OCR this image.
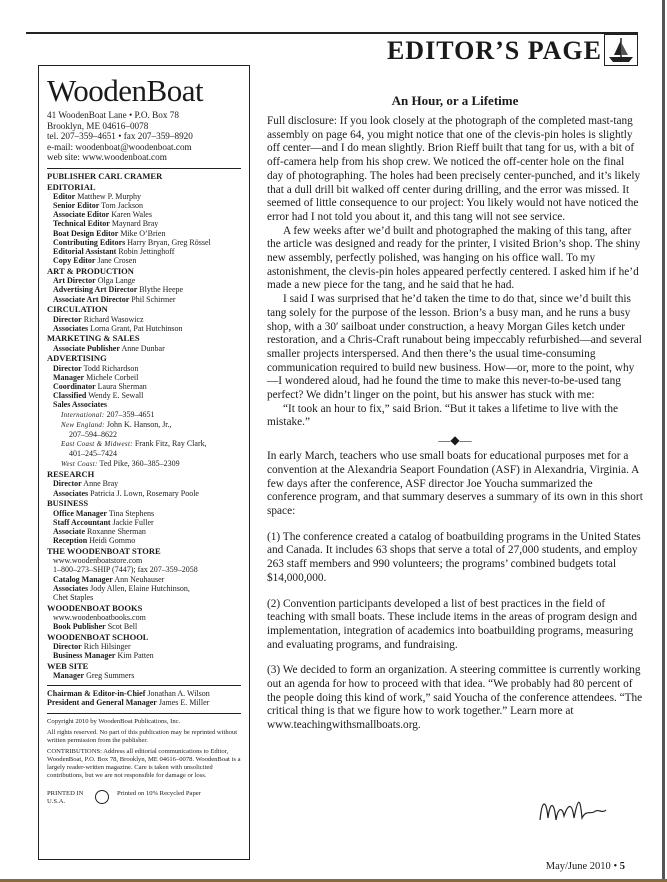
EDITOR’S PAGE
WoodenBoat
41 WoodenBoat Lane • P.O. Box 78
Brooklyn, ME 04616–0078
tel. 207–359–4651 • fax 207–359–8920
e-mail: woodenboat@woodenboat.com
web site: www.woodenboat.com
PUBLISHER CARL CRAMER
EDITORIAL
Editor Matthew P. Murphy
Senior Editor Tom Jackson
Associate Editor Karen Wales
Technical Editor Maynard Bray
Boat Design Editor Mike O’Brien
Contributing Editors Harry Bryan, Greg Rössel
Editorial Assistant Robin Jettinghoff
Copy Editor Jane Crosen
ART & PRODUCTION
Art Director Olga Lange
Advertising Art Director Blythe Heepe
Associate Art Director Phil Schirmer
CIRCULATION
Director Richard Wasowicz
Associates Lorna Grant, Pat Hutchinson
MARKETING & SALES
Associate Publisher Anne Dunbar
ADVERTISING
Director Todd Richardson
Manager Michele Corbeil
Coordinator Laura Sherman
Classified Wendy E. Sewall
Sales Associates
International: 207–359–4651
New England: John K. Hanson, Jr.,
207–594–8622
East Coast & Midwest: Frank Fitz, Ray Clark,
401–245–7424
West Coast: Ted Pike, 360–385–2309
RESEARCH
Director Anne Bray
Associates Patricia J. Lown, Rosemary Poole
BUSINESS
Office Manager Tina Stephens
Staff Accountant Jackie Fuller
Associate Roxanne Sherman
Reception Heidi Gommo
THE WOODENBOAT STORE
www.woodenboatstore.com
1–800–273–SHIP (7447); fax 207–359–2058
Catalog Manager Ann Neuhauser
Associates Jody Allen, Elaine Hutchinson,
Chet Staples
WOODENBOAT BOOKS
www.woodenboatbooks.com
Book Publisher Scot Bell
WOODENBOAT SCHOOL
Director Rich Hilsinger
Business Manager Kim Patten
WEB SITE
Manager Greg Summers
Chairman & Editor-in-Chief Jonathan A. Wilson
President and General Manager James E. Miller
Copyright 2010 by WoodenBoat Publications, Inc.
All rights reserved. No part of this publication may be reprinted without written permission from the publisher.
CONTRIBUTIONS: Address all editorial communications to Editor, WoodenBoat, P.O. Box 78, Brooklyn, ME 04616–0078. WoodenBoat is a largely reader-written magazine. Care is taken with unsolicited contributions, but we are not responsible for damage or loss.
PRINTED IN U.S.A.
Printed on 10% Recycled Paper
An Hour, or a Lifetime

Full disclosure: If you look closely at the photograph of the completed mast-tang assembly on page 64, you might notice that one of the clevis-pin holes is slightly off center—and I do mean slightly. Brion Rieff built that tang for us, with a bit of off-camera help from his shop crew. We noticed the off-center hole on the final day of photographing. The holes had been precisely center-punched, and it’s likely that a dull drill bit walked off center during drilling, and the error was missed. It seemed of little consequence to our project: You likely would not have noticed the error had I not told you about it, and this tang will not see service.

A few weeks after we’d built and photographed the making of this tang, after the article was designed and ready for the printer, I visited Brion’s shop. The shiny new assembly, perfectly polished, was hanging on his office wall. To my astonishment, the clevis-pin holes appeared perfectly centered. I asked him if he’d made a new piece for the tang, and he said that he had.

I said I was surprised that he’d taken the time to do that, since we’d built this tang solely for the purpose of the lesson. Brion’s a busy man, and he runs a busy shop, with a 30′ sailboat under construction, a heavy Morgan Giles ketch under restoration, and a Chris-Craft runabout being impeccably refurbished—and several smaller projects interspersed. And then there’s the usual time-consuming communication required to build new business. How—or, more to the point, why—I wondered aloud, had he found the time to make this never-to-be-used tang perfect? We didn’t linger on the point, but his answer has stuck with me:

“It took an hour to fix,” said Brion. “But it takes a lifetime to live with the mistake.”

—◆—

In early March, teachers who use small boats for educational purposes met for a convention at the Alexandria Seaport Foundation (ASF) in Alexandria, Virginia. A few days after the conference, ASF director Joe Youcha summarized the conference program, and that summary deserves a summary of its own in this short space:

(1) The conference created a catalog of boatbuilding programs in the United States and Canada. It includes 63 shops that serve a total of 27,000 students, and employ 263 staff members and 990 volunteers; the programs’ combined budgets total $14,000,000.

(2) Convention participants developed a list of best practices in the field of teaching with small boats. These include items in the areas of program design and implementation, integration of academics into boatbuilding programs, measuring and evaluating programs, and fundraising.

(3) We decided to form an organization. A steering committee is currently working out an agenda for how to proceed with that idea. “We probably had 80 percent of the people doing this kind of work,” said Youcha of the conference attendees. “The critical thing is that we figure how to work together.” Learn more at www.teachingwithsmallboats.org.

May/June 2010 • 5
